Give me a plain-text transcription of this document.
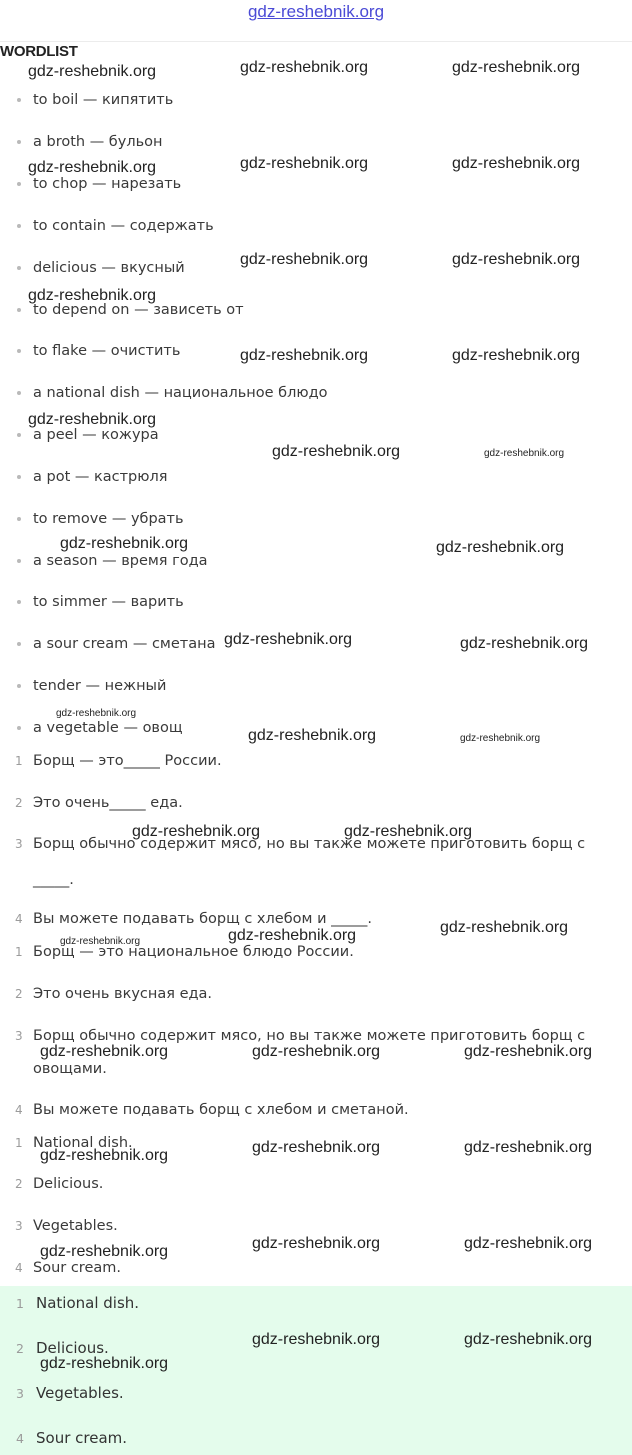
gdz-reshebnik.org
WORDLIST
to boil — кипятить
a broth — бульон
to chop — нарезать
to contain — содержать
delicious — вкусный
to depend on — зависеть от
to flake — очистить
a national dish — национальное блюдо
a peel — кожура
a pot — кастрюля
to remove — убрать
a season — время года
to simmer — варить
a sour cream — сметана
tender — нежный
a vegetable — овощ
1 Борщ — это_____ России.
2 Это очень_____ еда.
3 Борщ обычно содержит мясо, но вы также можете приготовить борщ с
_____.
4 Вы можете подавать борщ с хлебом и _____.
1 Борщ — это национальное блюдо России.
2 Это очень вкусная еда.
3 Борщ обычно содержит мясо, но вы также можете приготовить борщ с
овощами.
4 Вы можете подавать борщ с хлебом и сметаной.
1 National dish.
2 Delicious.
3 Vegetables.
4 Sour cream.
1 National dish.
2 Delicious.
3 Vegetables.
4 Sour cream.
gdz-reshebnik.org	gdz-reshebnik.org	gdz-reshebnik.org
gdz-reshebnik.org	gdz-reshebnik.org	gdz-reshebnik.org
gdz-reshebnik.org	gdz-reshebnik.org
gdz-reshebnik.org
gdz-reshebnik.org	gdz-reshebnik.org
gdz-reshebnik.org
gdz-reshebnik.org	gdz-reshebnik.org
gdz-reshebnik.org	gdz-reshebnik.org
gdz-reshebnik.org	gdz-reshebnik.org
gdz-reshebnik.org
gdz-reshebnik.org	gdz-reshebnik.org
gdz-reshebnik.org	gdz-reshebnik.org
gdz-reshebnik.org
gdz-reshebnik.org
gdz-reshebnik.org
gdz-reshebnik.org	gdz-reshebnik.org	gdz-reshebnik.org
gdz-reshebnik.org	gdz-reshebnik.org
gdz-reshebnik.org
gdz-reshebnik.org	gdz-reshebnik.org
gdz-reshebnik.org
gdz-reshebnik.org	gdz-reshebnik.org
gdz-reshebnik.org
